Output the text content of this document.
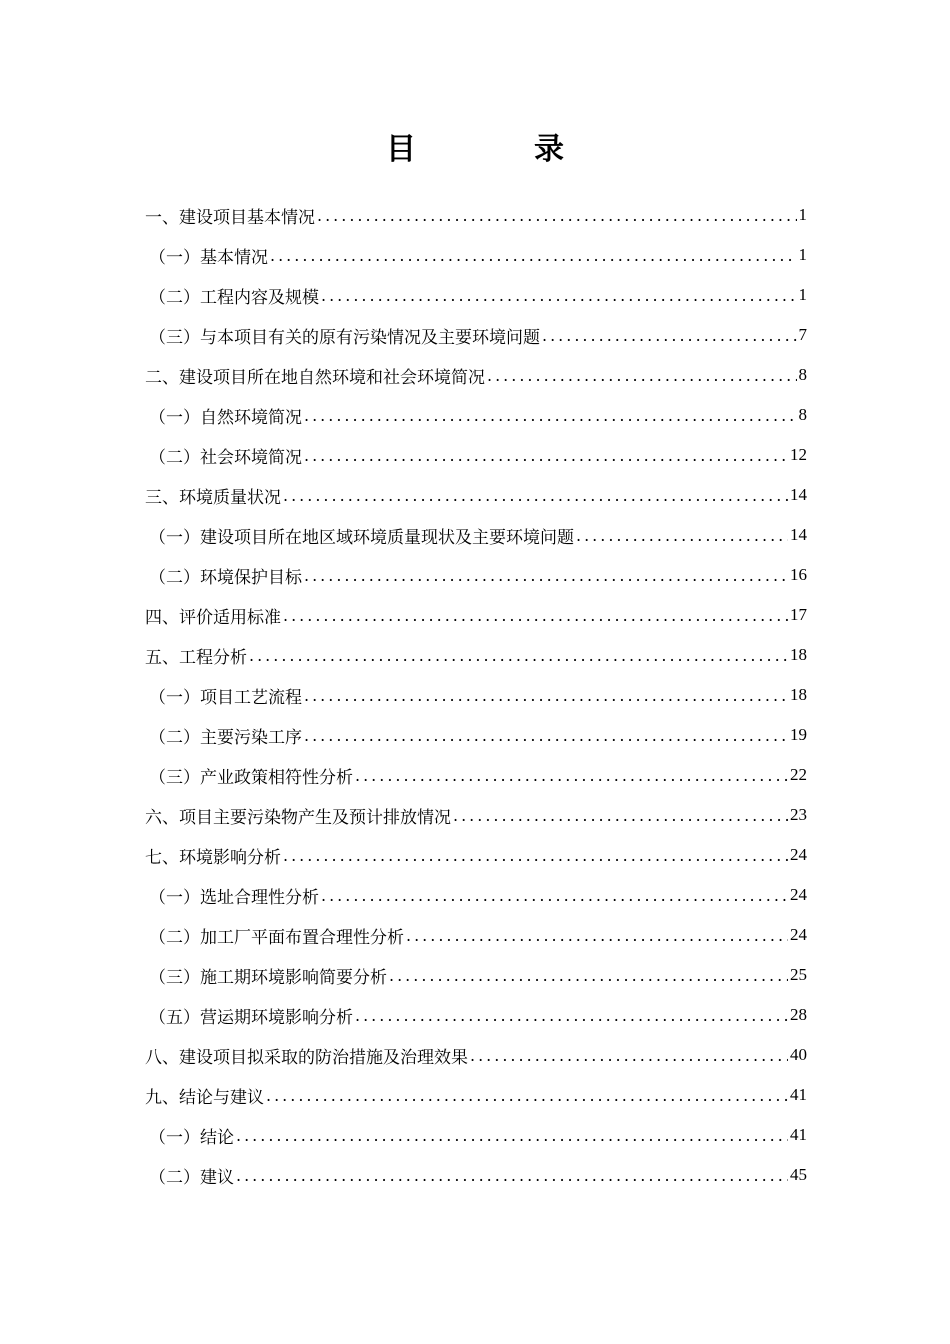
目	录
一、建设项目基本情况 .....	1
（一）基本情况 .....	1
（二）工程内容及规模 .....	1
（三）与本项目有关的原有污染情况及主要环境问题 .....	7
二、建设项目所在地自然环境和社会环境简况 .....	8
（一）自然环境简况 .....	8
（二）社会环境简况 .....	12
三、环境质量状况 .....	14
（一）建设项目所在地区域环境质量现状及主要环境问题 .....	14
（二）环境保护目标 .....	16
四、评价适用标准 .....	17
五、工程分析 .....	18
（一）项目工艺流程 .....	18
（二）主要污染工序 .....	19
（三）产业政策相符性分析 .....	22
六、项目主要污染物产生及预计排放情况 .....	23
七、环境影响分析 .....	24
（一）选址合理性分析 .....	24
（二）加工厂平面布置合理性分析 .....	24
（三）施工期环境影响简要分析 .....	25
（五）营运期环境影响分析 .....	28
八、建设项目拟采取的防治措施及治理效果 .....	40
九、结论与建议 .....	41
（一）结论 .....	41
（二）建议 .....	45
